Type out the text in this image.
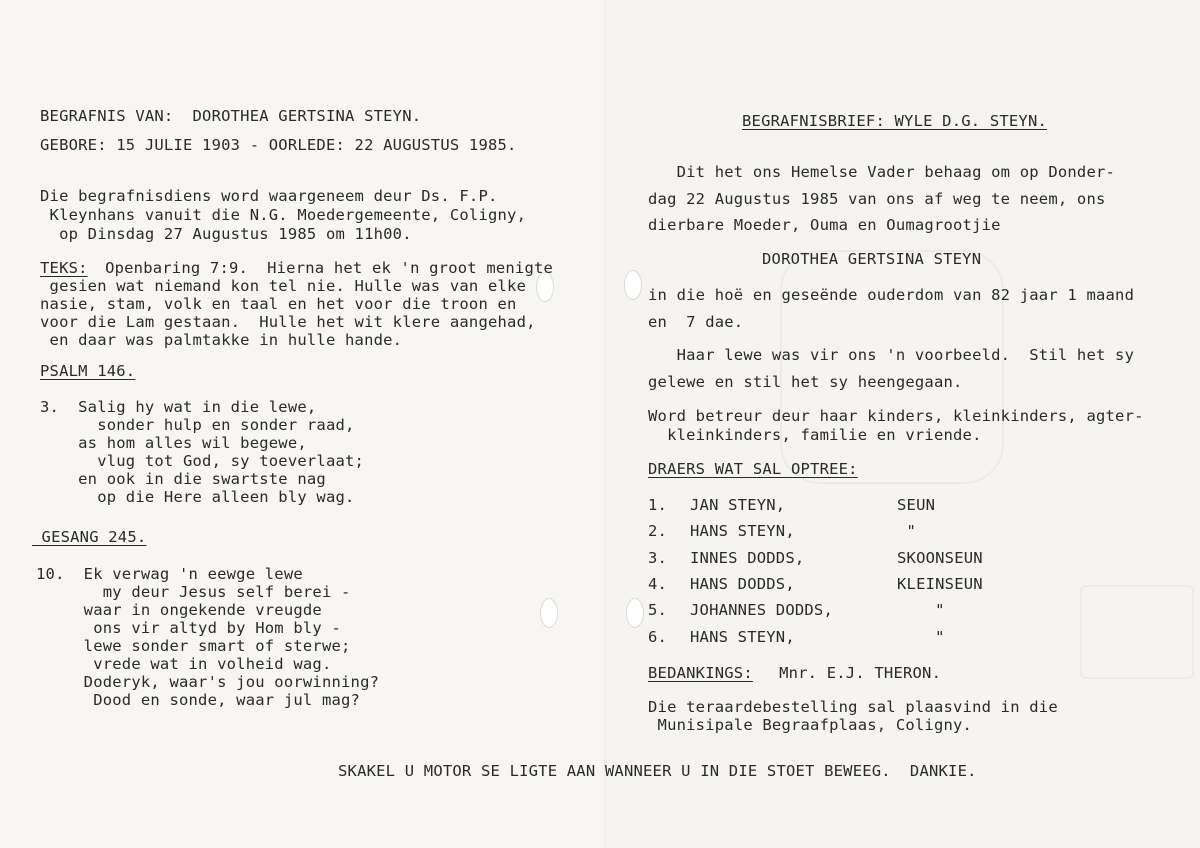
BEGRAFNIS VAN:  DOROTHEA GERTSINA STEYN.
GEBORE: 15 JULIE 1903 - OORLEDE: 22 AUGUSTUS 1985.
Die begrafnisdiens word waargeneem deur Ds. F.P.
Kleynhans vanuit die N.G. Moedergemeente, Coligny,
op Dinsdag 27 Augustus 1985 om 11h00.
TEKS:
Openbaring 7:9.  Hierna het ek 'n groot menigte
gesien wat niemand kon tel nie. Hulle was van elke
nasie, stam, volk en taal en het voor die troon en
voor die Lam gestaan.  Hulle het wit klere aangehad,
en daar was palmtakke in hulle hande.
PSALM 146.
3.  Salig hy wat in die lewe,
sonder hulp en sonder raad,
as hom alles wil begewe,
vlug tot God, sy toeverlaat;
en ook in die swartste nag
op die Here alleen bly wag.
GESANG 245.
10.  Ek verwag 'n eewge lewe
my deur Jesus self berei -
waar in ongekende vreugde
ons vir altyd by Hom bly -
lewe sonder smart of sterwe;
vrede wat in volheid wag.
Doderyk, waar's jou oorwinning?
Dood en sonde, waar jul mag?
BEGRAFNISBRIEF: WYLE D.G. STEYN.
Dit het ons Hemelse Vader behaag om op Donder-
dag 22 Augustus 1985 van ons af weg te neem, ons
dierbare Moeder, Ouma en Oumagrootjie
DOROTHEA GERTSINA STEYN
in die hoë en geseënde ouderdom van 82 jaar 1 maand
en  7 dae.
Haar lewe was vir ons 'n voorbeeld.  Stil het sy
gelewe en stil het sy heengegaan.
Word betreur deur haar kinders, kleinkinders, agter-
kleinkinders, familie en vriende.
DRAERS WAT SAL OPTREE:
1. JAN STEYN,	SEUN
2. HANS STEYN,	"
3. INNES DODDS,	SKOONSEUN
4. HANS DODDS,	KLEINSEUN
5. JOHANNES DODDS,	"
6. HANS STEYN,	"
BEDANKINGS: Mnr. E.J. THERON.
Die teraardebestelling sal plaasvind in die
Munisipale Begraafplaas, Coligny.
SKAKEL U MOTOR SE LIGTE AAN WANNEER U IN DIE STOET BEWEEG.  DANKIE.
